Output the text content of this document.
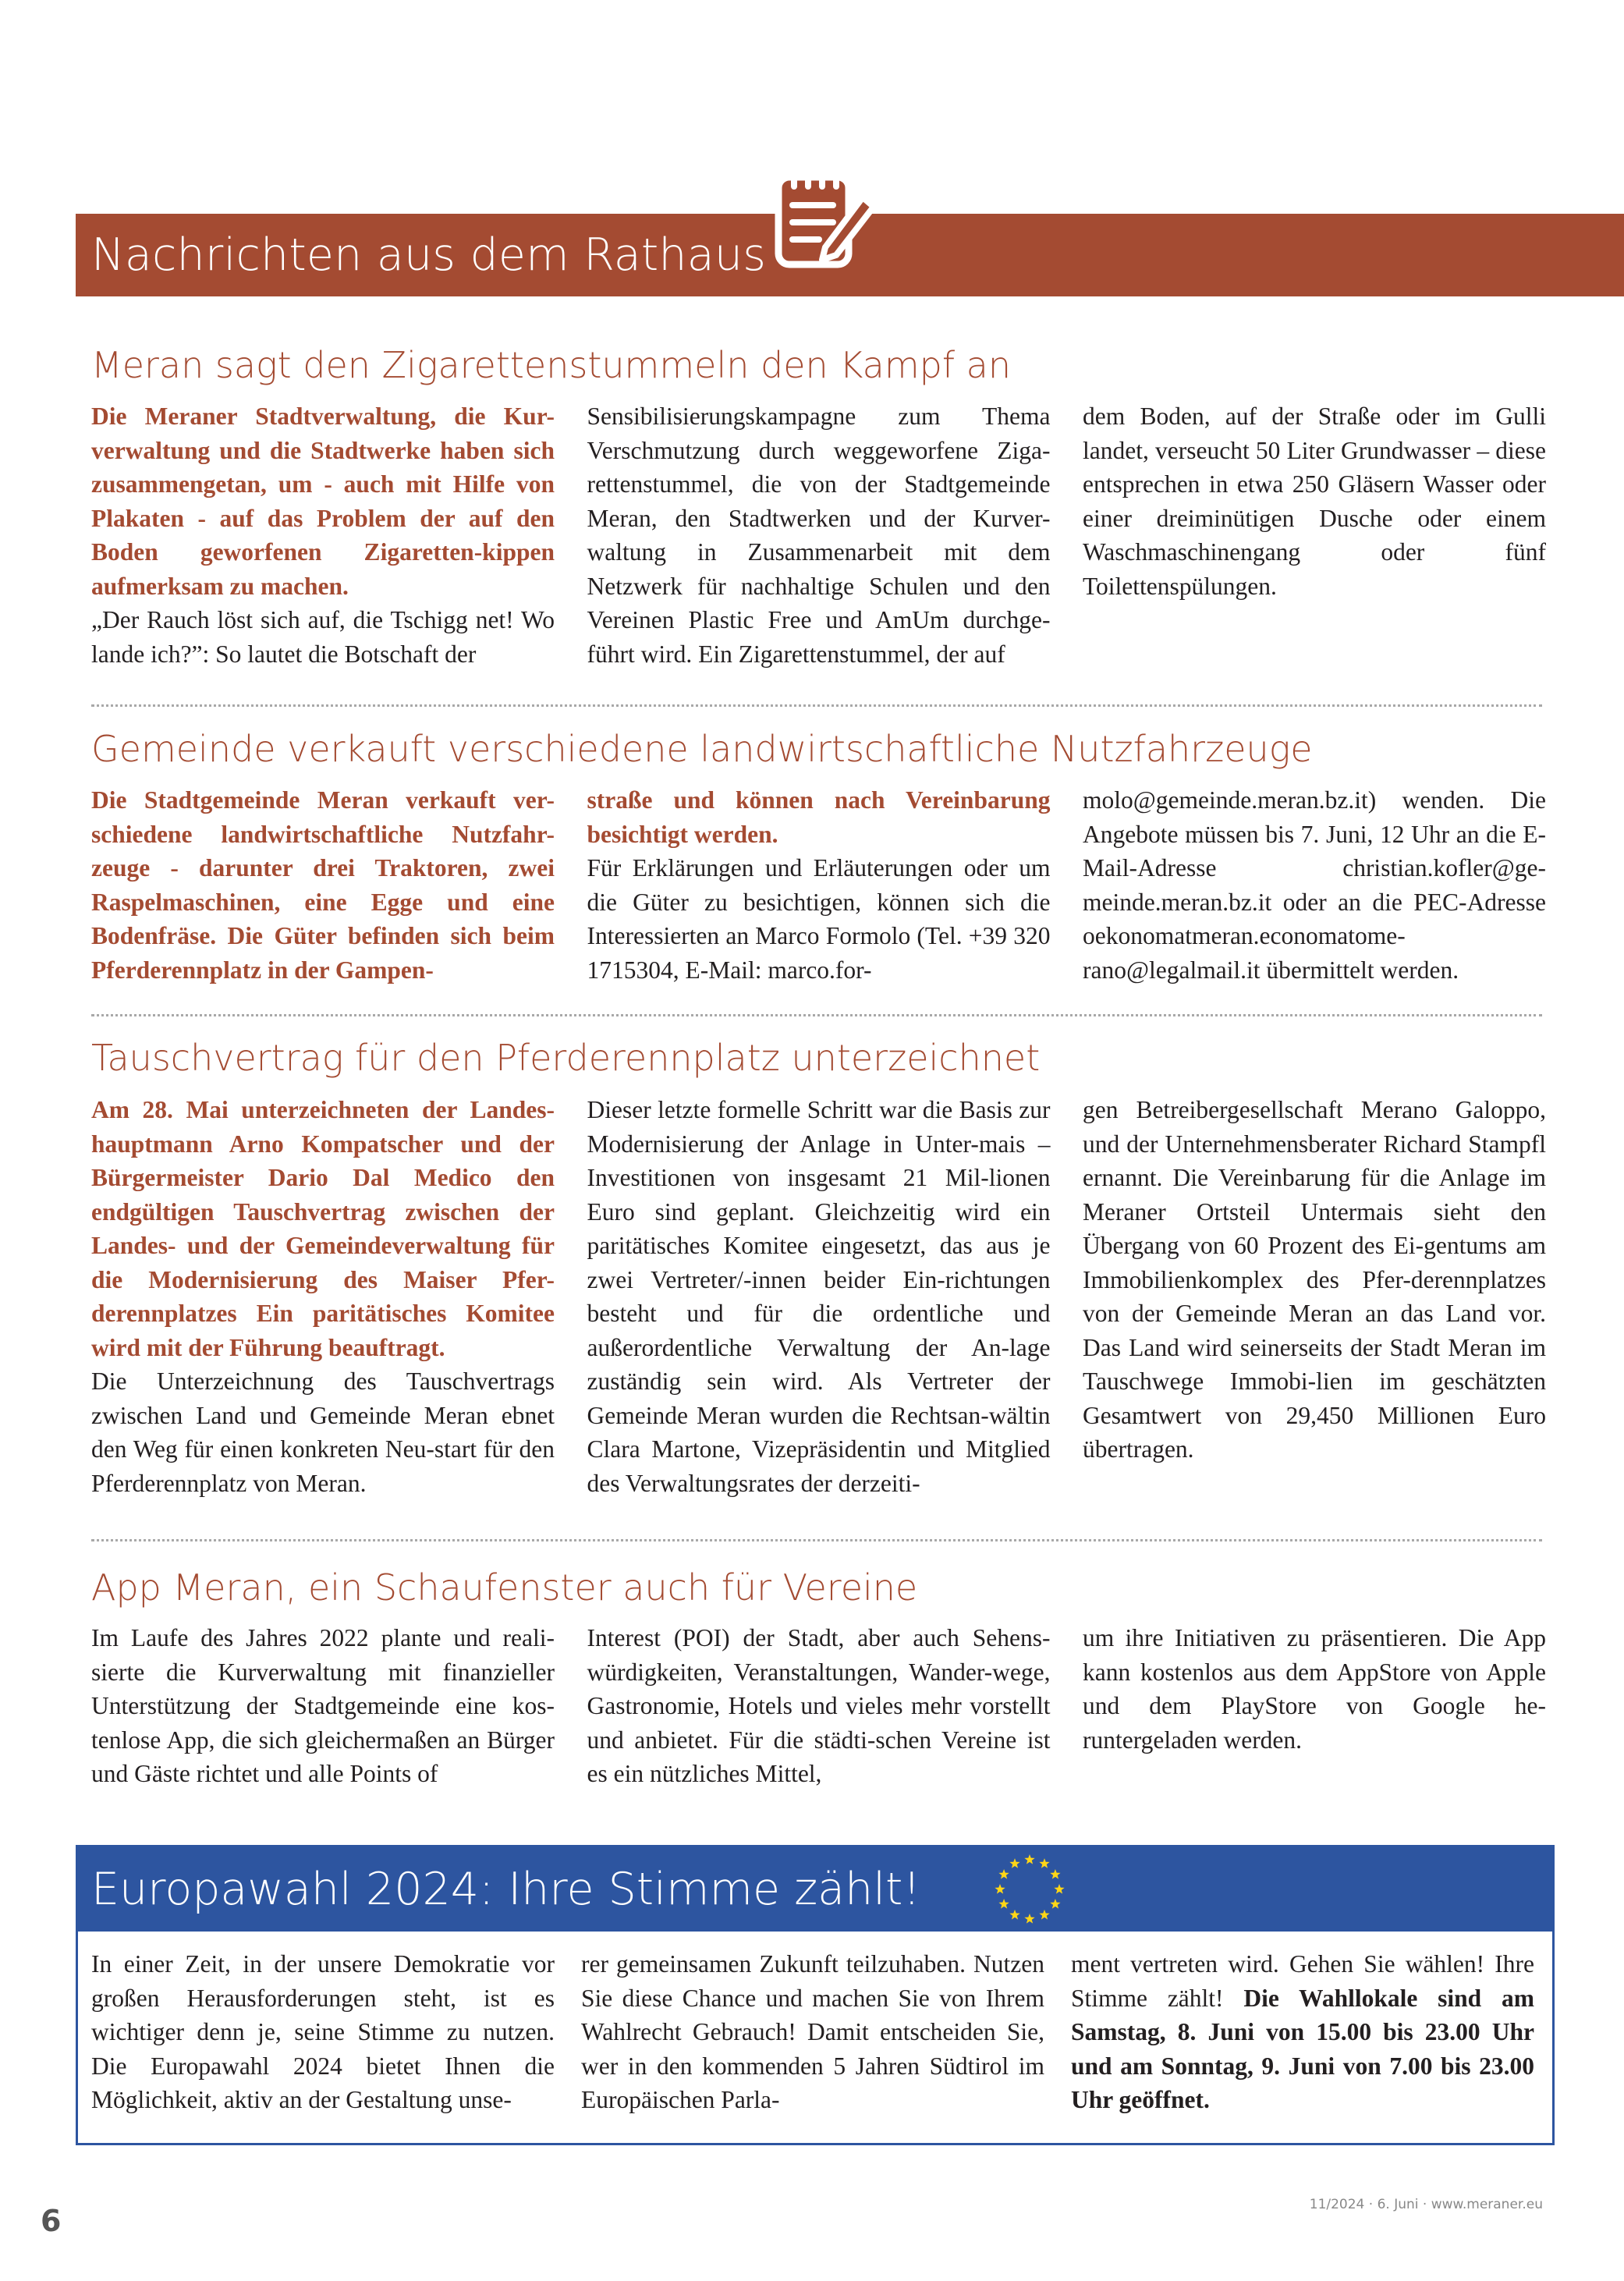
Nachrichten aus dem Rathaus
Meran sagt den Zigarettenstummeln den Kampf an
Die Meraner Stadtverwaltung, die Kur-verwaltung und die Stadtwerke haben sich zusammengetan, um - auch mit Hilfe von Plakaten - auf das Problem der auf den Boden geworfenen Zigaretten-kippen aufmerksam zu machen.
„Der Rauch löst sich auf, die Tschigg net! Wo lande ich?”: So lautet die Botschaft der
Sensibilisierungskampagne zum Thema Verschmutzung durch weggeworfene Ziga-rettenstummel, die von der Stadtgemeinde Meran, den Stadtwerken und der Kurver-waltung in Zusammenarbeit mit dem Netzwerk für nachhaltige Schulen und den Vereinen Plastic Free und AmUm durchge-führt wird. Ein Zigarettenstummel, der auf
dem Boden, auf der Straße oder im Gulli landet, verseucht 50 Liter Grundwasser – diese entsprechen in etwa 250 Gläsern Wasser oder einer dreiminütigen Dusche oder einem Waschmaschinengang oder fünf Toilettenspülungen.
Gemeinde verkauft verschiedene landwirtschaftliche Nutzfahrzeuge
Die Stadtgemeinde Meran verkauft ver-schiedene landwirtschaftliche Nutzfahr-zeuge - darunter drei Traktoren, zwei Raspelmaschinen, eine Egge und eine Bodenfräse. Die Güter befinden sich beim Pferderennplatz in der Gampen-
straße und können nach Vereinbarung besichtigt werden.
Für Erklärungen und Erläuterungen oder um die Güter zu besichtigen, können sich die Interessierten an Marco Formolo (Tel. +39 320 1715304, E-Mail: marco.for-
molo@gemeinde.meran.bz.it) wenden. Die Angebote müssen bis 7. Juni, 12 Uhr an die E-Mail-Adresse christian.kofler@ge-meinde.meran.bz.it oder an die PEC-Adresse oekonomatmeran.economatome-rano@legalmail.it übermittelt werden.
Tauschvertrag für den Pferderennplatz unterzeichnet
Am 28. Mai unterzeichneten der Landes-hauptmann Arno Kompatscher und der Bürgermeister Dario Dal Medico den endgültigen Tauschvertrag zwischen der Landes- und der Gemeindeverwaltung für die Modernisierung des Maiser Pfer-derennplatzes Ein paritätisches Komitee wird mit der Führung beauftragt.
Die Unterzeichnung des Tauschvertrags zwischen Land und Gemeinde Meran ebnet den Weg für einen konkreten Neu-start für den Pferderennplatz von Meran.
Dieser letzte formelle Schritt war die Basis zur Modernisierung der Anlage in Unter-mais – Investitionen von insgesamt 21 Mil-lionen Euro sind geplant. Gleichzeitig wird ein paritätisches Komitee eingesetzt, das aus je zwei Vertreter/-innen beider Ein-richtungen besteht und für die ordentliche und außerordentliche Verwaltung der An-lage zuständig sein wird. Als Vertreter der Gemeinde Meran wurden die Rechtsan-wältin Clara Martone, Vizepräsidentin und Mitglied des Verwaltungsrates der derzeiti-
gen Betreibergesellschaft Merano Galoppo, und der Unternehmensberater Richard Stampfl ernannt. Die Vereinbarung für die Anlage im Meraner Ortsteil Untermais sieht den Übergang von 60 Prozent des Ei-gentums am Immobilienkomplex des Pfer-derennplatzes von der Gemeinde Meran an das Land vor. Das Land wird seinerseits der Stadt Meran im Tauschwege Immobi-lien im geschätzten Gesamtwert von 29,450 Millionen Euro übertragen.
App Meran, ein Schaufenster auch für Vereine
Im Laufe des Jahres 2022 plante und reali-sierte die Kurverwaltung mit finanzieller Unterstützung der Stadtgemeinde eine kos-tenlose App, die sich gleichermaßen an Bürger und Gäste richtet und alle Points of
Interest (POI) der Stadt, aber auch Sehens-würdigkeiten, Veranstaltungen, Wander-wege, Gastronomie, Hotels und vieles mehr vorstellt und anbietet. Für die städti-schen Vereine ist es ein nützliches Mittel,
um ihre Initiativen zu präsentieren. Die App kann kostenlos aus dem AppStore von Apple und dem PlayStore von Google he-runtergeladen werden.
Europawahl 2024: Ihre Stimme zählt!
In einer Zeit, in der unsere Demokratie vor großen Herausforderungen steht, ist es wichtiger denn je, seine Stimme zu nutzen. Die Europawahl 2024 bietet Ihnen die Möglichkeit, aktiv an der Gestaltung unse-
rer gemeinsamen Zukunft teilzuhaben. Nutzen Sie diese Chance und machen Sie von Ihrem Wahlrecht Gebrauch! Damit entscheiden Sie, wer in den kommenden 5 Jahren Südtirol im Europäischen Parla-
ment vertreten wird. Gehen Sie wählen! Ihre Stimme zählt! Die Wahllokale sind am Samstag, 8. Juni von 15.00 bis 23.00 Uhr und am Sonntag, 9. Juni von 7.00 bis 23.00 Uhr geöffnet.
6	11/2024 · 6. Juni · www.meraner.eu
